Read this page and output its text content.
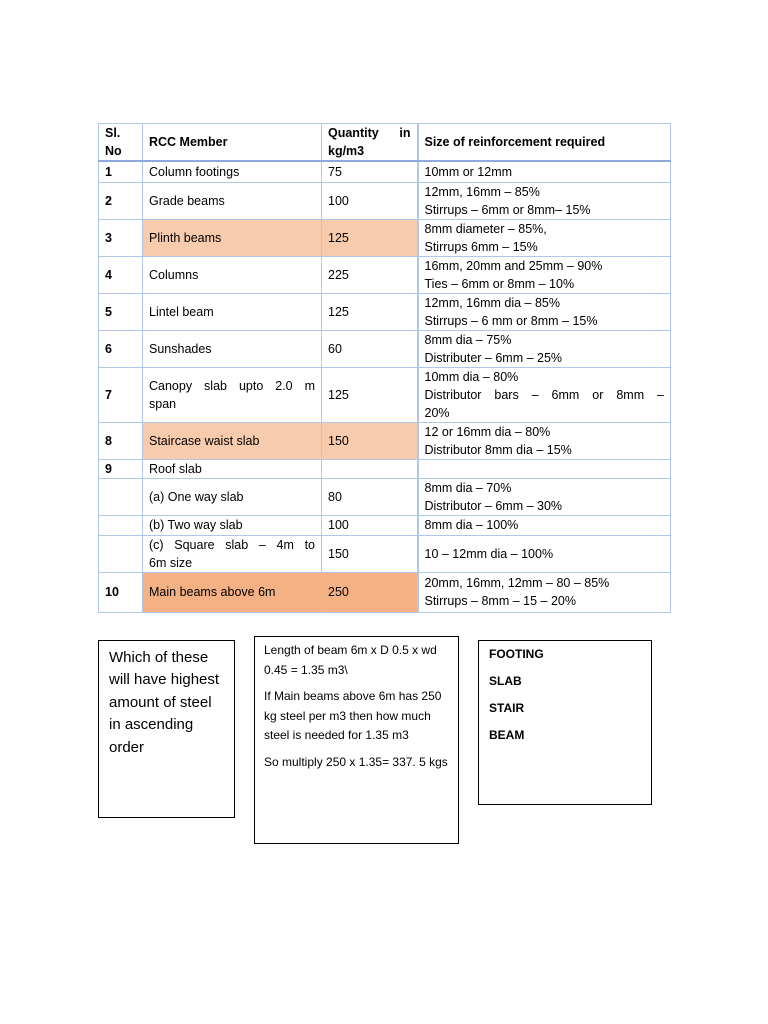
Sl.
No	RCC Member	Quantity in
kg/m3	Size of reinforcement required
1	Column footings	75	10mm or 12mm

2	Grade beams	100	12mm, 16mm – 85%
Stirrups – 6mm or 8mm– 15%

3	Plinth beams	125	8mm diameter – 85%,
Stirrups 6mm – 15%

4	Columns	225	16mm, 20mm and 25mm – 90%
Ties – 6mm or 8mm – 10%

5	Lintel beam	125	12mm, 16mm dia – 85%
Stirrups – 6 mm or 8mm – 15%

6	Sunshades	60	8mm dia – 75%
Distributer – 6mm – 25%

7	Canopy slab upto 2.0 m
span	125	10mm dia – 80%
Distributor bars – 6mm or 8mm –
20%

8	Staircase waist slab	150	12 or 16mm dia – 80%
Distributor 8mm dia – 15%

9	Roof slab		
	(a) One way slab	80	8mm dia – 70%
Distributor – 6mm – 30%

	(b) Two way slab	100	8mm dia – 100%

	(c) Square slab – 4m to
6m size	150	10 – 12mm dia – 100%

10	Main beams above 6m	250	20mm, 16mm, 12mm – 80 – 85%
Stirrups – 8mm – 15 – 20%
Which of these will have highest amount of steel in ascending order

Length of beam 6m x D 0.5 x wd 0.45 = 1.35 m3\

If Main beams above 6m has 250 kg steel per m3 then how much steel is needed for 1.35 m3

So multiply 250 x 1.35= 337. 5 kgs

FOOTING
SLAB
STAIR
BEAM
